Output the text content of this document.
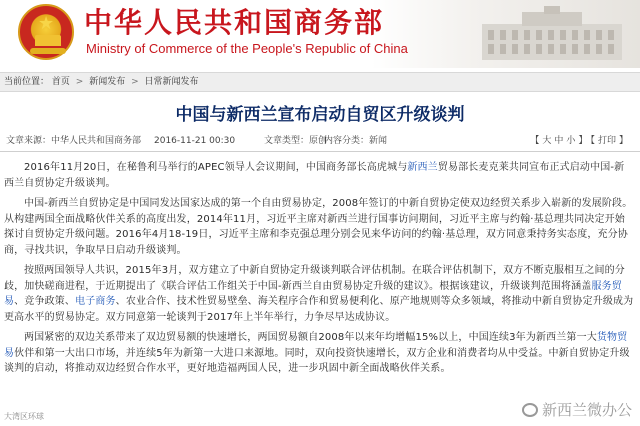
★ 中华人民共和国商务部
Ministry of Commerce of the People's Republic of China
当前位置： 首页 > 新闻发布 > 日常新闻发布
中国与新西兰宣布启动自贸区升级谈判
文章来源：中华人民共和国商务部 2016-11-21 00:30	文章类型：原创
内容分类：新闻	【 大 中 小 】 【 打印 】

2016年11月20日，在秘鲁利马举行的APEC领导人会议期间，中国商务部长高虎城与新西兰贸易部长麦克莱共同宣布正式启动中国-新西兰自贸协定升级谈判。

中国-新西兰自贸协定是中国同发达国家达成的第一个自由贸易协定，2008年签订的中新自贸协定使双边经贸关系步入崭新的发展阶段。从构建两国全面战略伙伴关系的高度出发，2014年11月，习近平主席对新西兰进行国事访问期间，习近平主席与约翰·基总理共同决定开始探讨自贸协定升级问题。2016年4月18-19日，习近平主席和李克强总理分别会见来华访问的约翰·基总理，双方同意秉持务实态度，充分协商，寻找共识，争取早日启动升级谈判。

按照两国领导人共识，2015年3月，双方建立了中新自贸协定升级谈判联合评估机制。在联合评估机制下，双方不断克服相互之间的分歧，加快磋商进程，于近期提出了《联合评估工作组关于中国-新西兰自由贸易协定升级的建议》。根据该建议，升级谈判范围将涵盖服务贸易、竞争政策、电子商务、农业合作、技术性贸易壁垒、海关程序合作和贸易便利化、原产地规则等众多领域，将推动中新自贸协定升级成为更高水平的贸易协定。双方同意第一轮谈判于2017年上半年举行，力争尽早达成协议。

两国紧密的双边关系带来了双边贸易额的快速增长，两国贸易额自2008年以来年均增幅15%以上，中国连续3年为新西兰第一大货物贸易伙伴和第一大出口市场，并连续5年为新第一大进口来源地。同时，双向投资快速增长，双方企业和消费者均从中受益。中新自贸协定升级谈判的启动，将推动双边经贸合作水平，更好地造福两国人民，进一步巩固中新全面战略伙伴关系。

大湾区环球	新西兰微办公
